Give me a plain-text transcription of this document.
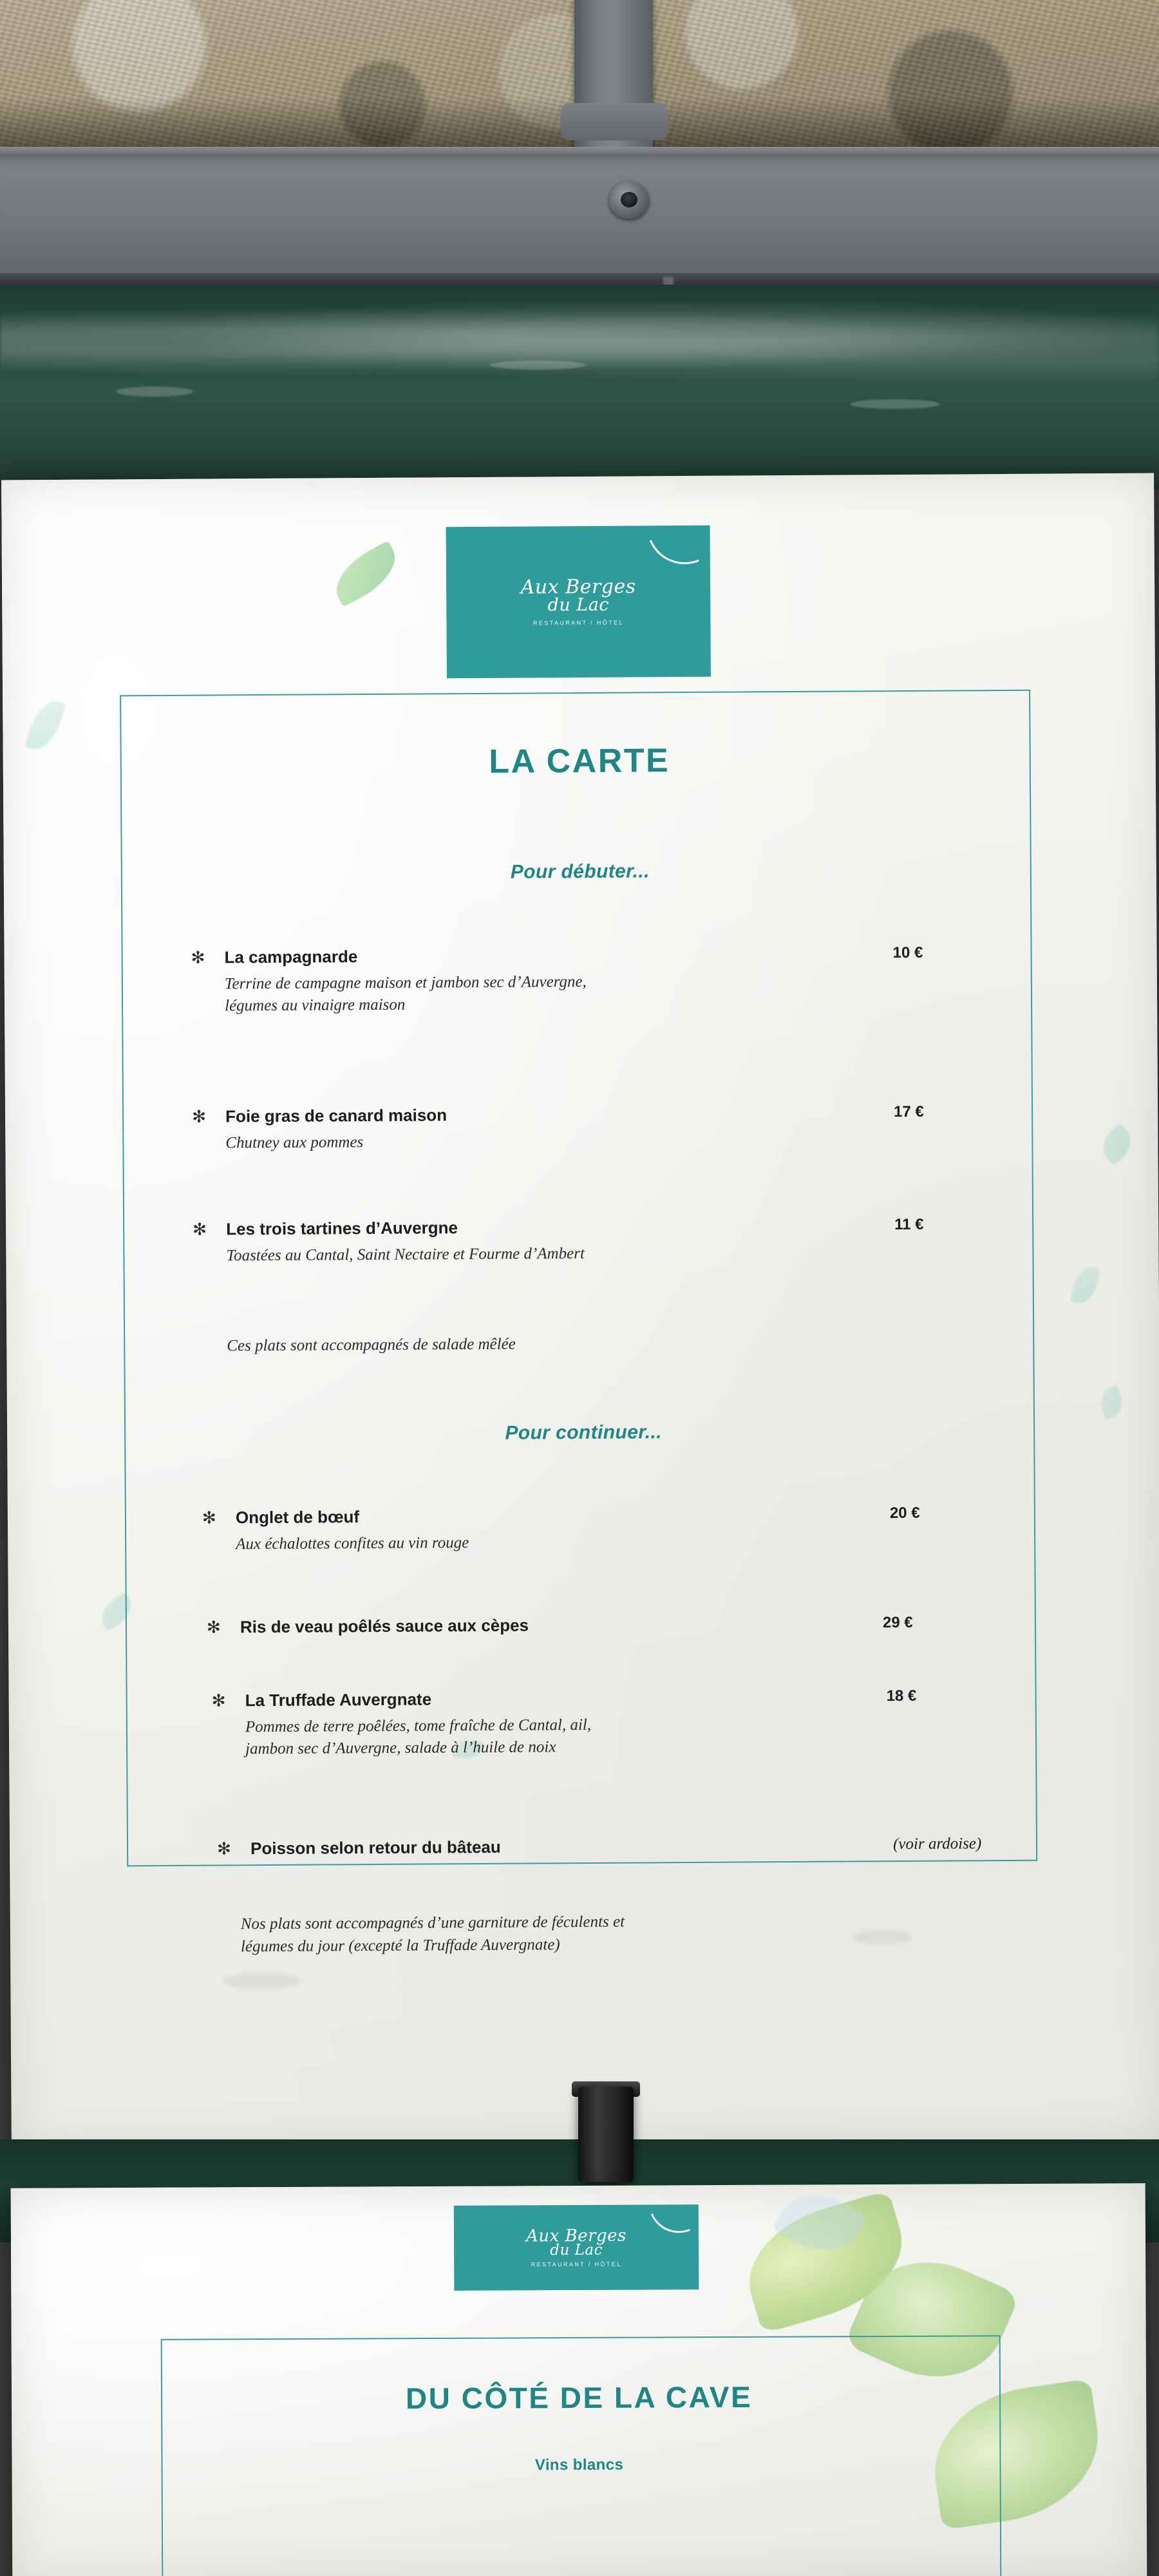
Aux Berges
du Lac
RESTAURANT / HÔTEL
LA CARTE
Pour débuter...
✻ La campagnarde	10 €
Terrine de campagne maison et jambon sec d’Auvergne,
légumes au vinaigre maison
✻ Foie gras de canard maison	17 €
Chutney aux pommes
✻ Les trois tartines d’Auvergne	11 €
Toastées au Cantal, Saint Nectaire et Fourme d’Ambert
Ces plats sont accompagnés de salade mêlée
Pour continuer...
✻ Onglet de bœuf	20 €
Aux échalottes confites au vin rouge
✻ Ris de veau poêlés sauce aux cèpes	29 €
✻ La Truffade Auvergnate	18 €
Pommes de terre poêlées, tome fraîche de Cantal, ail,
jambon sec d’Auvergne, salade à l’huile de noix
✻ Poisson selon retour du bâteau	(voir ardoise)
Nos plats sont accompagnés d’une garniture de féculents et
légumes du jour (excepté la Truffade Auvergnate)
Aux Berges
du Lac
RESTAURANT / HÔTEL
DU CÔTÉ DE LA CAVE
Vins blancs
